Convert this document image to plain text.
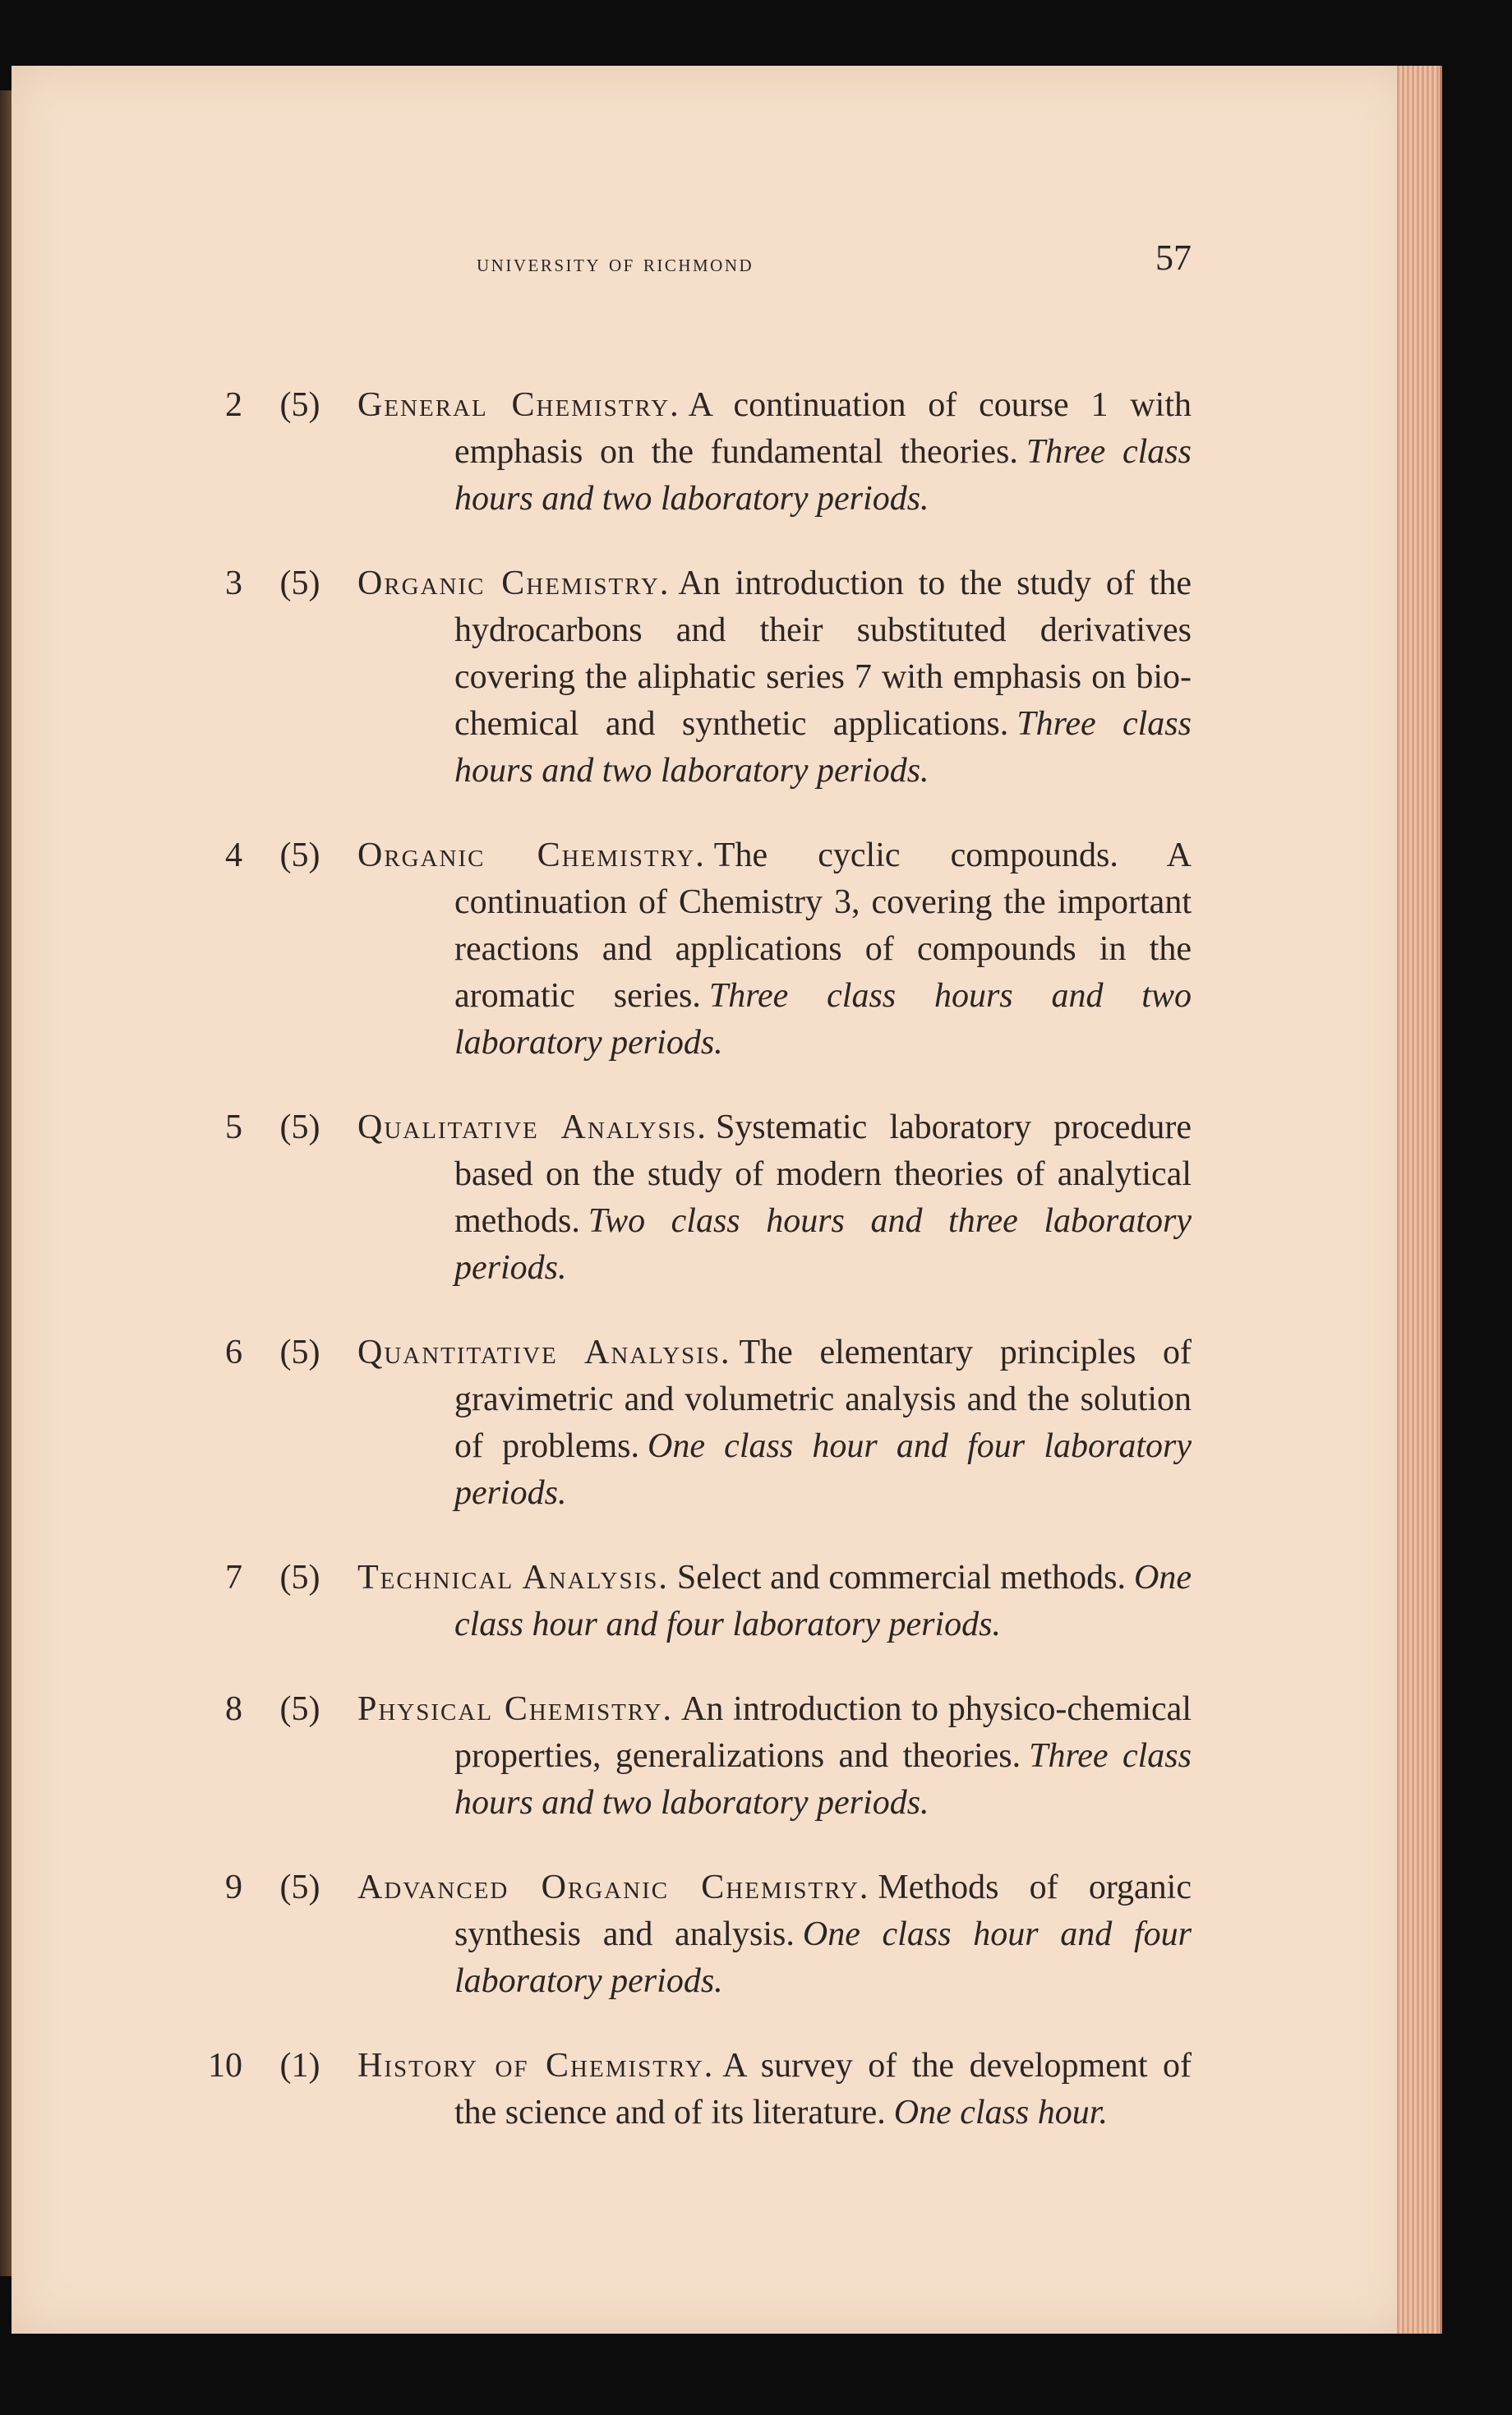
university of richmond	57
2	(5)	General Chemistry. A continuation of course 1 with emphasis on the fundamental theories. Three class hours and two laboratory periods.
3	(5)	Organic Chemistry. An introduction to the study of the hydrocarbons and their substituted derivatives covering the aliphatic series 7 with emphasis on bio-chemical and synthetic applications. Three class hours and two laboratory periods.
4	(5)	Organic Chemistry. The cyclic compounds. A continuation of Chemistry 3, covering the important reactions and applications of compounds in the aromatic series. Three class hours and two laboratory periods.
5	(5)	Qualitative Analysis. Systematic laboratory procedure based on the study of modern theories of analytical methods. Two class hours and three laboratory periods.
6	(5)	Quantitative Analysis. The elementary principles of gravimetric and volumetric analysis and the solution of problems. One class hour and four laboratory periods.
7	(5)	Technical Analysis. Select and commercial methods. One class hour and four laboratory periods.
8	(5)	Physical Chemistry. An introduction to physico-chemical properties, generalizations and theories. Three class hours and two laboratory periods.
9	(5)	Advanced Organic Chemistry. Methods of organic synthesis and analysis. One class hour and four laboratory periods.
10	(1)	History of Chemistry. A survey of the development of the science and of its literature. One class hour.
